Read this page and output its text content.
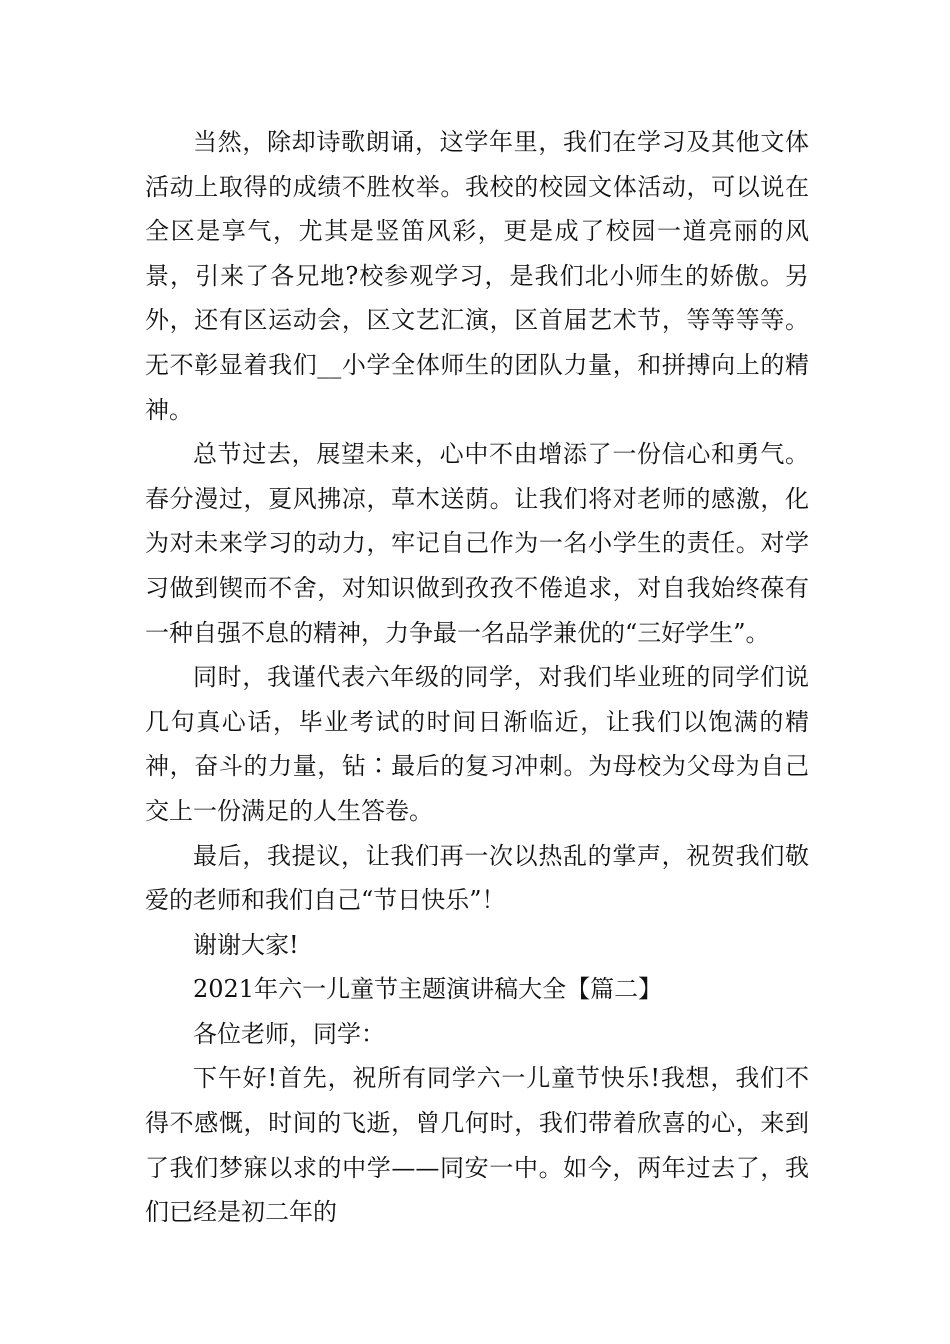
当然，除却诗歌朗诵，这学年里，我们在学习及其他文体活动上取得的成绩不胜枚举。我校的校园文体活动，可以说在全区是享气，尤其是竖笛风彩，更是成了校园一道亮丽的风景，引来了各兄地?校参观学习，是我们北小师生的娇傲。另外，还有区运动会，区文艺汇演，区首届艺术节，等等等等。无不彰显着我们__小学全体师生的团队力量，和拼搏向上的精神。

总节过去，展望未来，心中不由增添了一份信心和勇气。春分漫过，夏风拂凉，草木送荫。让我们将对老师的感激，化为对未来学习的动力，牢记自己作为一名小学生的责任。对学习做到锲而不舍，对知识做到孜孜不倦追求，对自我始终葆有一种自强不息的精神，力争最一名品学兼优的“三好学生”。

同时，我谨代表六年级的同学，对我们毕业班的同学们说几句真心话，毕业考试的时间日渐临近，让我们以饱满的精神，奋斗的力量，钻∶最后的复习冲刺。为母校为父母为自己交上一份满足的人生答卷。

最后，我提议，让我们再一次以热乱的掌声，祝贺我们敬爱的老师和我们自己“节日快乐”！

谢谢大家!

2021年六一儿童节主题演讲稿大全【篇二】

各位老师，同学：

下午好!首先，祝所有同学六一儿童节快乐!我想，我们不得不感慨，时间的飞逝，曾几何时，我们带着欣喜的心，来到了我们梦寐以求的中学——同安一中。如今，两年过去了，我们已经是初二年的
